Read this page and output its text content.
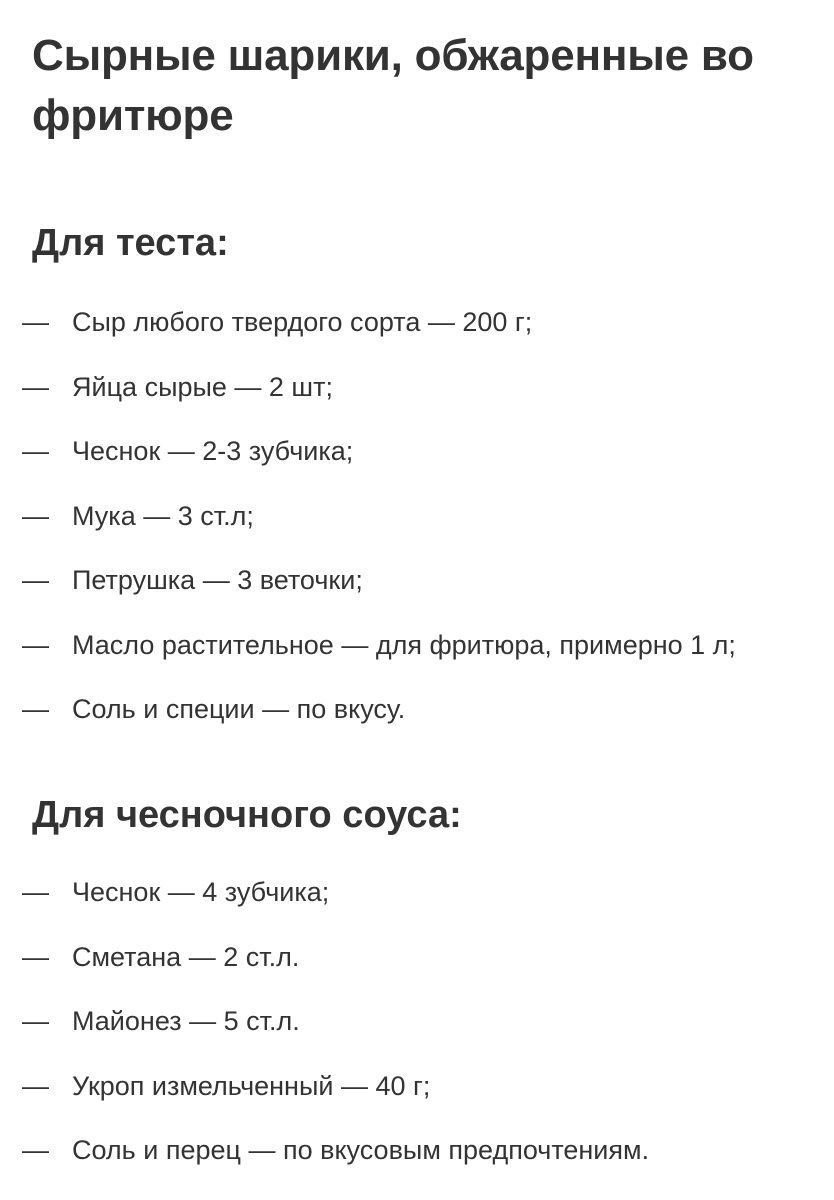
Сырные шарики, обжаренные во фритюре
Для теста:
— Сыр любого твердого сорта — 200 г;
— Яйца сырые — 2 шт;
— Чеснок — 2-3 зубчика;
— Мука — 3 ст.л;
— Петрушка — 3 веточки;
— Масло растительное — для фритюра, примерно 1 л;
— Соль и специи — по вкусу.
Для чесночного соуса:
— Чеснок — 4 зубчика;
— Сметана — 2 ст.л.
— Майонез — 5 ст.л.
— Укроп измельченный — 40 г;
— Соль и перец — по вкусовым предпочтениям.
